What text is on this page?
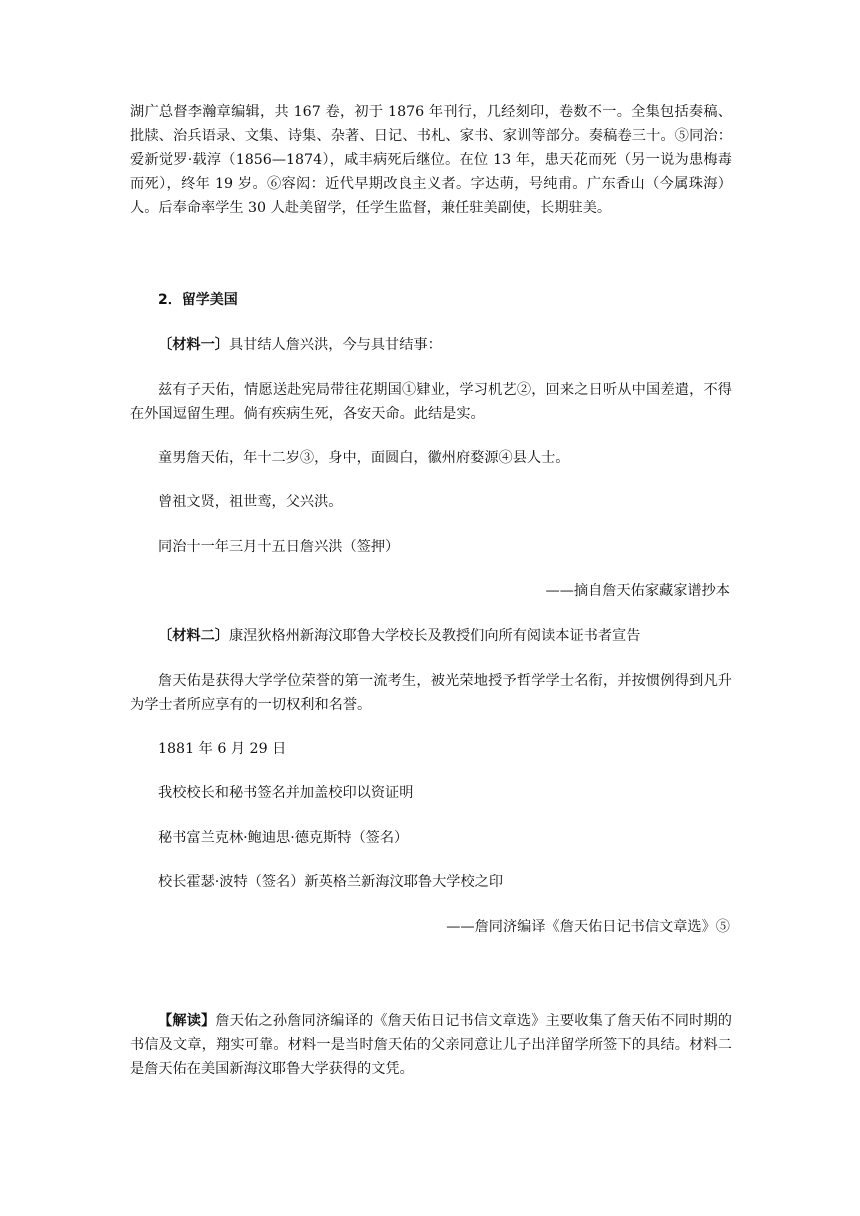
湖广总督李瀚章编辑，共 167 卷，初于 1876 年刊行，几经刻印，卷数不一。全集包括奏稿、批牍、治兵语录、文集、诗集、杂著、日记、书札、家书、家训等部分。奏稿卷三十。⑤同治：爱新觉罗·载淳（1856—1874），咸丰病死后继位。在位 13 年，患天花而死（另一说为患梅毒而死），终年 19 岁。⑥容闳：近代早期改良主义者。字达萌，号纯甫。广东香山（今属珠海）人。后奉命率学生 30 人赴美留学，任学生监督，兼任驻美副使，长期驻美。

2．留学美国

〔材料一〕具甘结人詹兴洪，今与具甘结事：

兹有子天佑，情愿送赴宪局带往花期国①肄业，学习机艺②，回来之日听从中国差遣，不得在外国逗留生理。倘有疾病生死，各安天命。此结是实。

童男詹天佑，年十二岁③，身中，面圆白，徽州府婺源④县人士。

曾祖文贤，祖世鸾，父兴洪。

同治十一年三月十五日詹兴洪（签押）

——摘自詹天佑家藏家谱抄本

〔材料二〕康涅狄格州新海汶耶鲁大学校长及教授们向所有阅读本证书者宣告

詹天佑是获得大学学位荣誉的第一流考生，被光荣地授予哲学学士名衔，并按惯例得到凡升为学士者所应享有的一切权利和名誉。

1881 年 6 月 29 日

我校校长和秘书签名并加盖校印以资证明

秘书富兰克林·鲍迪思·德克斯特（签名）

校长霍瑟·波特（签名）新英格兰新海汶耶鲁大学校之印

——詹同济编译《詹天佑日记书信文章选》⑤

【解读】詹天佑之孙詹同济编译的《詹天佑日记书信文章选》主要收集了詹天佑不同时期的书信及文章，翔实可靠。材料一是当时詹天佑的父亲同意让儿子出洋留学所签下的具结。材料二是詹天佑在美国新海汶耶鲁大学获得的文凭。
